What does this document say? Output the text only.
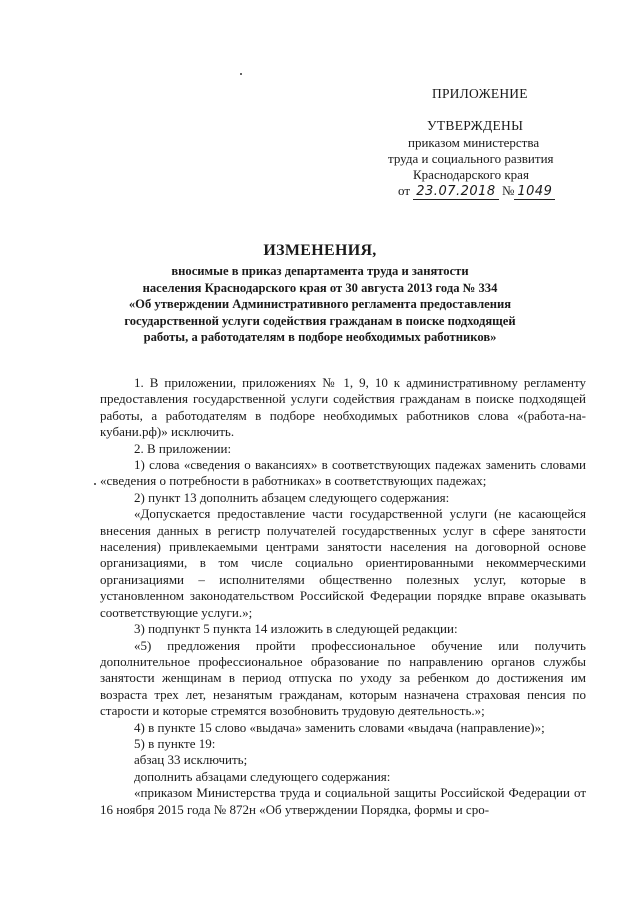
ПРИЛОЖЕНИЕ
УТВЕРЖДЕНЫ
приказом министерства
труда и социального развития
Краснодарского края
от 23.07.2018 № 1049
ИЗМЕНЕНИЯ,
вносимые в приказ департамента труда и занятости
населения Краснодарского края от 30 августа 2013 года № 334
«Об утверждении Административного регламента предоставления
государственной услуги содействия гражданам в поиске подходящей
работы, а работодателям в подборе необходимых работников»

1. В приложении, приложениях № 1, 9, 10 к административному регламенту предоставления государственной услуги содействия гражданам в поиске подходящей работы, а работодателям в подборе необходимых работников слова «(работа-на-кубани.рф)» исключить.

2. В приложении:

1) слова «сведения о вакансиях» в соответствующих падежах заменить словами «сведения о потребности в работниках» в соответствующих падежах;

2) пункт 13 дополнить абзацем следующего содержания:

«Допускается предоставление части государственной услуги (не касающейся внесения данных в регистр получателей государственных услуг в сфере занятости населения) привлекаемыми центрами занятости населения на договорной основе организациями, в том числе социально ориентированными некоммерческими организациями – исполнителями общественно полезных услуг, которые в установленном законодательством Российской Федерации порядке вправе оказывать соответствующие услуги.»;

3) подпункт 5 пункта 14 изложить в следующей редакции:

«5) предложения пройти профессиональное обучение или получить дополнительное профессиональное образование по направлению органов службы занятости женщинам в период отпуска по уходу за ребенком до достижения им возраста трех лет, незанятым гражданам, которым назначена страховая пенсия по старости и которые стремятся возобновить трудовую деятельность.»;

4) в пункте 15 слово «выдача» заменить словами «выдача (направление)»;

5) в пункте 19:

абзац 33 исключить;

дополнить абзацами следующего содержания:

«приказом Министерства труда и социальной защиты Российской Федерации от 16 ноября 2015 года № 872н «Об утверждении Порядка, формы и сро-
